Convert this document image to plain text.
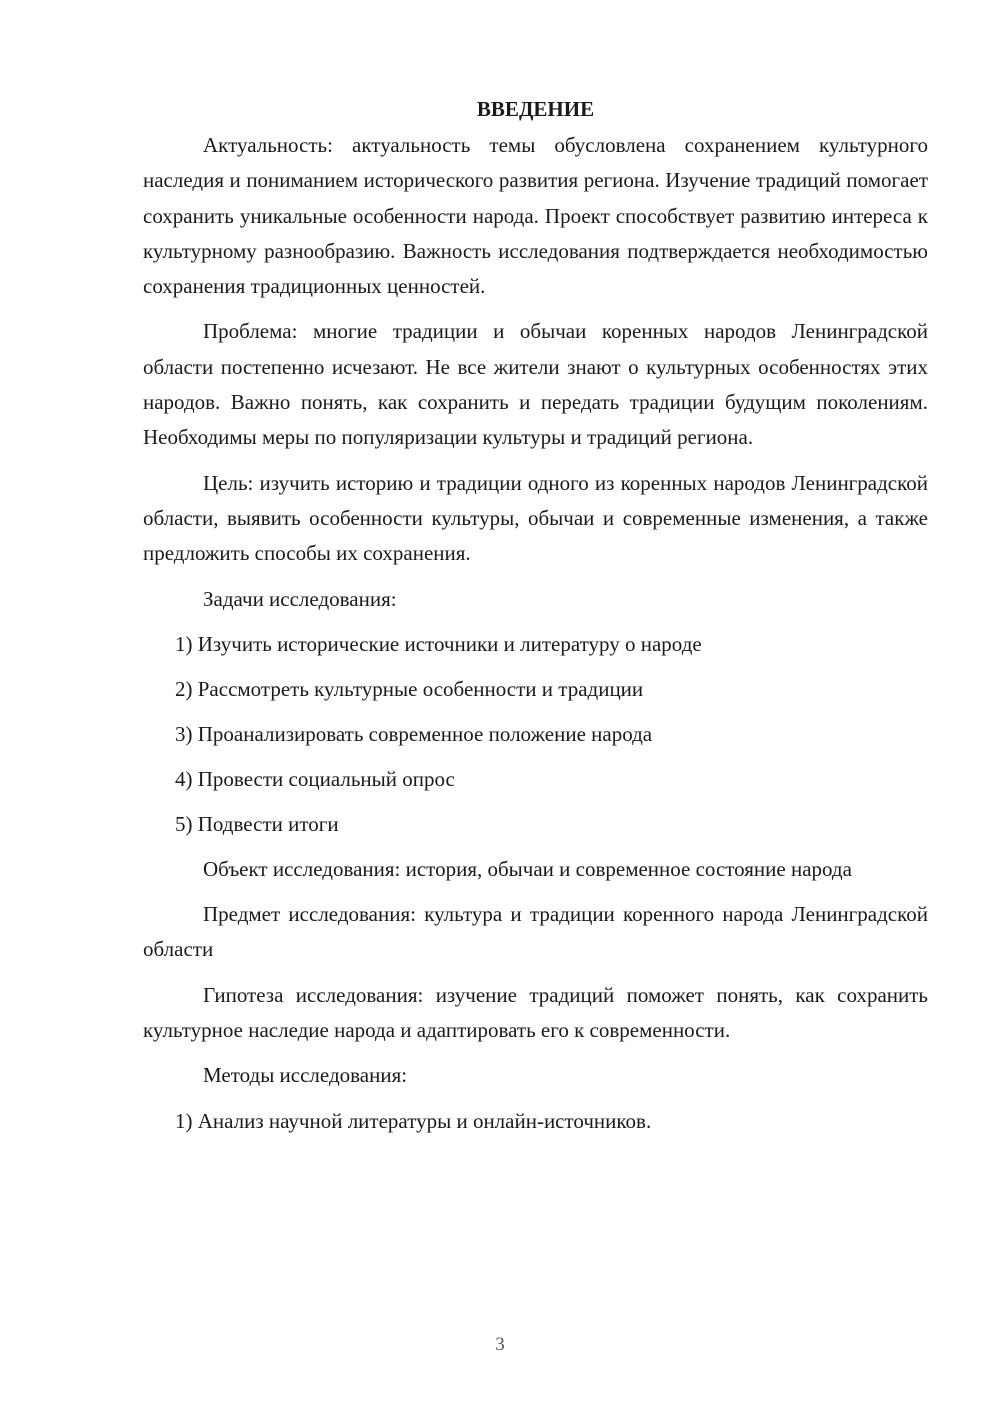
ВВЕДЕНИЕ

Актуальность: актуальность темы обусловлена сохранением культурного наследия и пониманием исторического развития региона. Изучение традиций помогает сохранить уникальные особенности народа. Проект способствует развитию интереса к культурному разнообразию. Важность исследования подтверждается необходимостью сохранения традиционных ценностей.

Проблема: многие традиции и обычаи коренных народов Ленинградской области постепенно исчезают. Не все жители знают о культурных особенностях этих народов. Важно понять, как сохранить и передать традиции будущим поколениям. Необходимы меры по популяризации культуры и традиций региона.

Цель: изучить историю и традиции одного из коренных народов Ленинградской области, выявить особенности культуры, обычаи и современные изменения, а также предложить способы их сохранения.

Задачи исследования:

1) Изучить исторические источники и литературу о народе
2) Рассмотреть культурные особенности и традиции
3) Проанализировать современное положение народа
4) Провести социальный опрос
5) Подвести итоги

Объект исследования: история, обычаи и современное состояние народа

Предмет исследования: культура и традиции коренного народа Ленинградской области

Гипотеза исследования: изучение традиций поможет понять, как сохранить культурное наследие народа и адаптировать его к современности.

Методы исследования:

1) Анализ научной литературы и онлайн-источников.
3
